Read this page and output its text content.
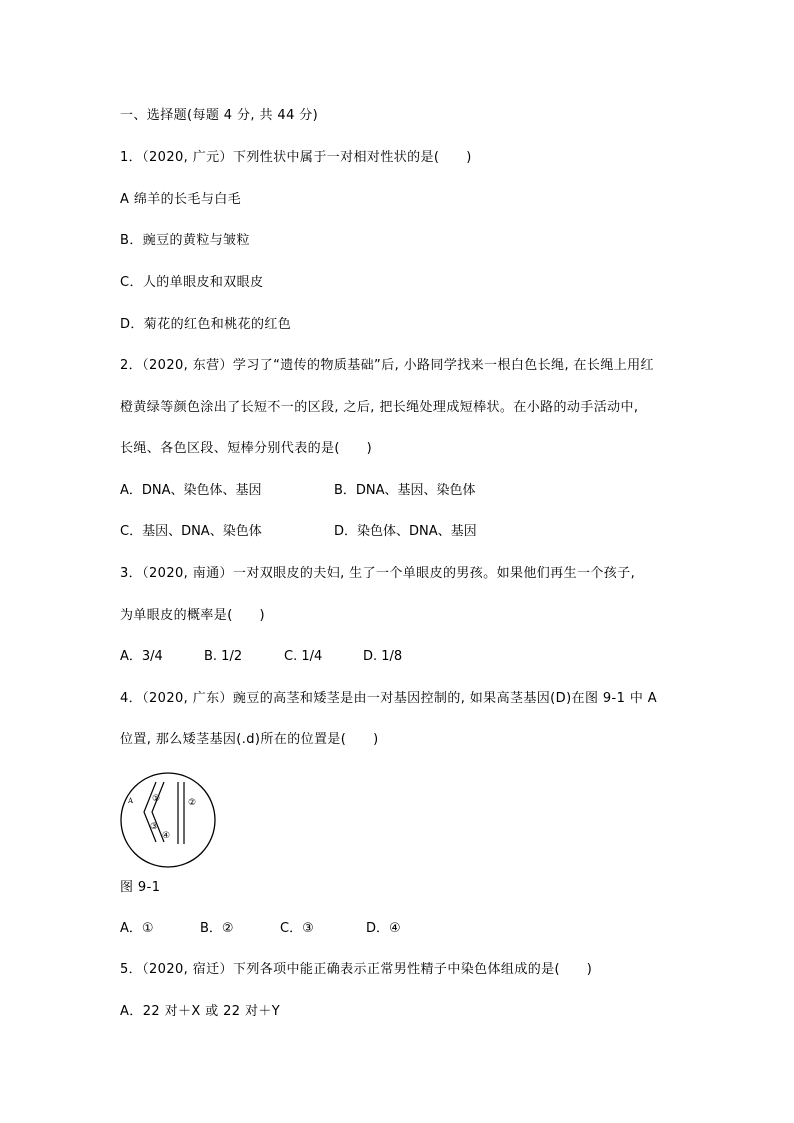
一、选择题(每题 4 分, 共 44 分)
1．（2020, 广元）下列性状中属于一对相对性状的是(　　)
A 绵羊的长毛与白毛
B．豌豆的黄粒与皱粒
C．人的单眼皮和双眼皮
D．菊花的红色和桃花的红色
2．（2020, 东营）学习了“遗传的物质基础”后, 小路同学找来一根白色长绳, 在长绳上用红
橙黄绿等颜色涂出了长短不一的区段, 之后, 把长绳处理成短棒状。在小路的动手活动中,
长绳、各色区段、短棒分别代表的是(　　)
A．DNA、染色体、基因	B．DNA、基因、染色体
C．基因、DNA、染色体	D．染色体、DNA、基因
3．（2020, 南通）一对双眼皮的夫妇, 生了一个单眼皮的男孩。如果他们再生一个孩子,
为单眼皮的概率是(　　)
A．3/4	B. 1/2	C. 1/4	D. 1/8
4．（2020, 广东）豌豆的高茎和矮茎是由一对基因控制的, 如果高茎基因(D)在图 9-1 中 A
位置, 那么矮茎基因(.d)所在的位置是(　　)
A ①	②
③
④
图 9-1
A．①	B．②	C．③	D．④
5．（2020, 宿迁）下列各项中能正确表示正常男性精子中染色体组成的是(　　)
A．22 对＋X 或 22 对＋Y
